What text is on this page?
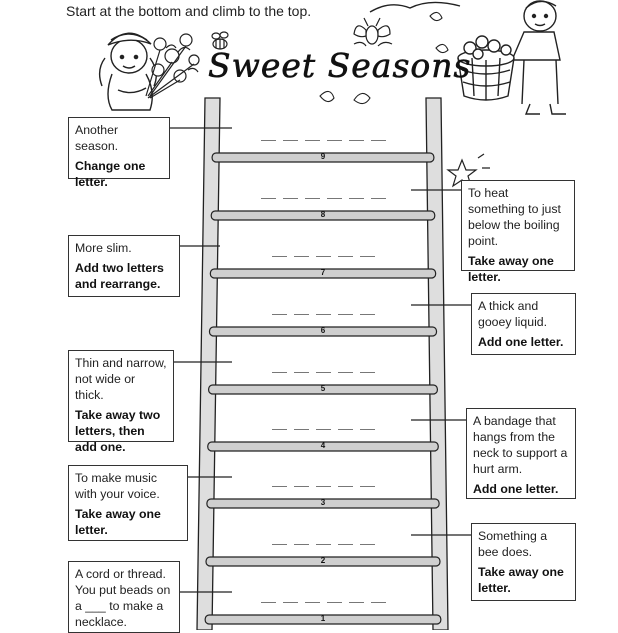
Start at the bottom and climb to the top.
Sweet Seasons
1
2
3
4
5
6
7
8
9
Another season.
Change one letter.
To heat something to just below the boiling point.
Take away one letter.
More slim.
Add two letters and rearrange.
A thick and gooey liquid.
Add one letter.
Thin and narrow, not wide or thick.
Take away two letters, then add one.
A bandage that hangs from the neck to support a hurt arm.
Add one letter.
To make music with your voice.
Take away one letter.	Something a bee does.
Take away one letter.
A cord or thread. You put beads on a ___ to make a necklace.
